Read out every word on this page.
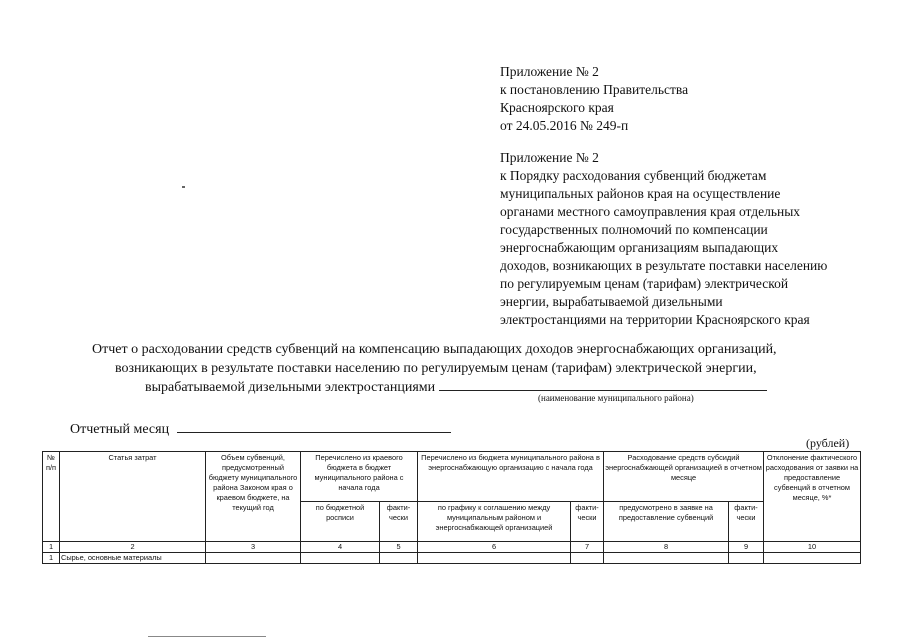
Приложение № 2
к постановлению Правительства
Красноярского края
от 24.05.2016 № 249-п
Приложение № 2
к Порядку расходования субвенций бюджетам
муниципальных районов края на осуществление
органами местного самоуправления края отдельных
государственных полномочий по компенсации
энергоснабжающим организациям выпадающих
доходов, возникающих в результате поставки населению
по регулируемым ценам (тарифам) электрической
энергии, вырабатываемой дизельными
электростанциями на территории Красноярского края
Отчет о расходовании средств субвенций на компенсацию выпадающих доходов энергоснабжающих организаций,
возникающих в результате поставки населению по регулируемым ценам (тарифам) электрической энергии,
вырабатываемой дизельными электростанциями
(наименование муниципального района)
Отчетный месяц
(рублей)
№ п/п	Статья затрат	Объем субвенций, предусмотренный бюджету муниципального района Законом края о краевом бюджете, на текущий год	Перечислено из краевого бюджета в бюджет муниципального района с начала года		Перечислено из бюджета муниципального района в энергоснабжающую организацию с начала года		Расходование средств субсидий энергоснабжающей организацией в отчетном месяце		Отклонение фактического расходования от заявки на предоставление субвенций в отчетном месяце, %*
			по бюджетной росписи	факти- чески	по графику к соглашению между муниципальным районом и энергоснабжающей организацией	факти- чески	предусмотрено в заявке на предоставление субвенций	факти- чески	
1	2	3	4	5	6	7	8	9	10
1	Сырье, основные материалы								
